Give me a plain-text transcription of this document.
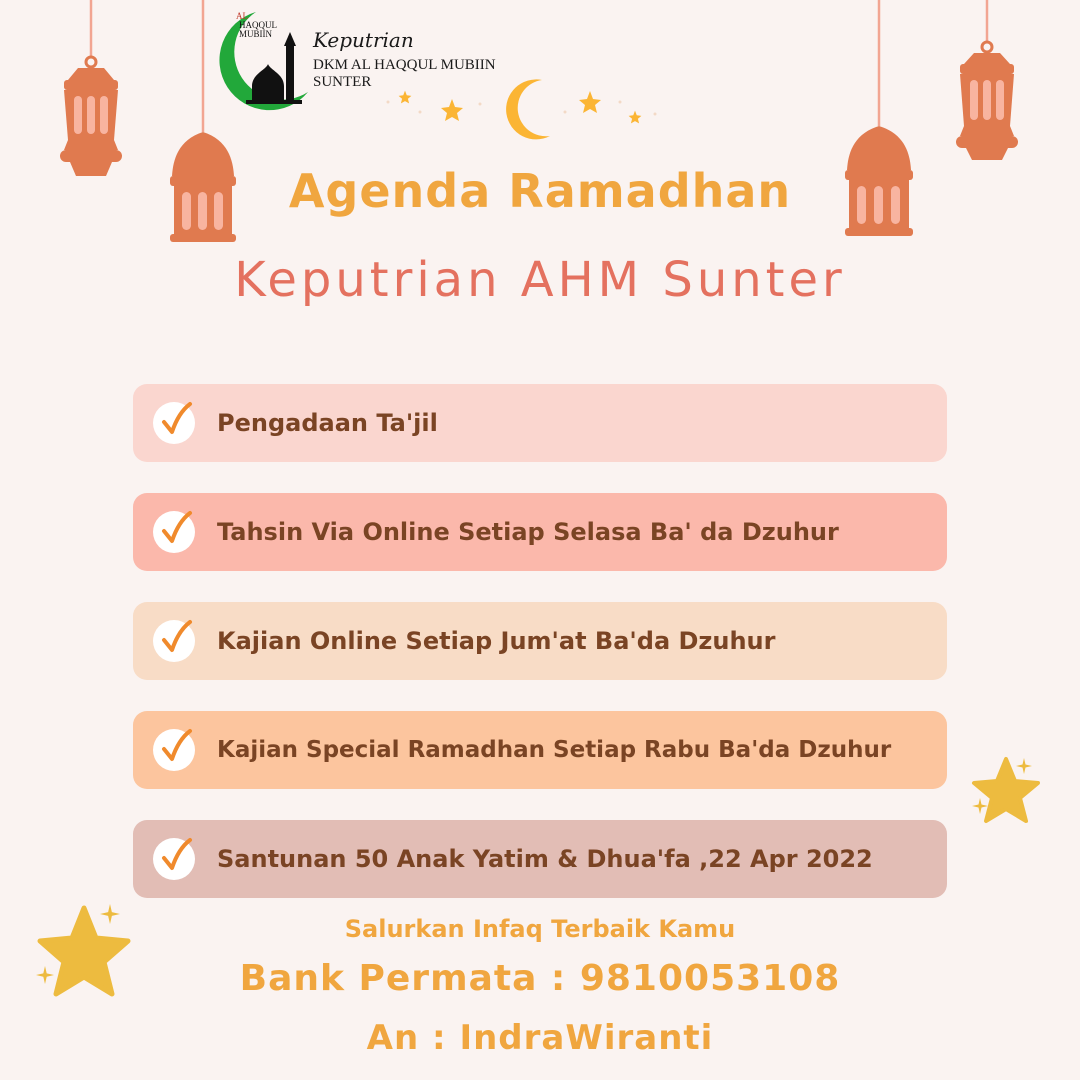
AL
HAQQUL
MUBIIN Keputrian
DKM AL HAQQUL MUBIIN
SUNTER
Agenda Ramadhan
Keputrian AHM Sunter
Pengadaan Ta'jil
Tahsin Via Online Setiap Selasa Ba' da Dzuhur
Kajian Online Setiap Jum'at Ba'da Dzuhur
Kajian Special Ramadhan Setiap Rabu Ba'da Dzuhur
Santunan 50 Anak Yatim & Dhua'fa ,22 Apr 2022
Salurkan Infaq Terbaik Kamu
Bank Permata : 9810053108
An : IndraWiranti
